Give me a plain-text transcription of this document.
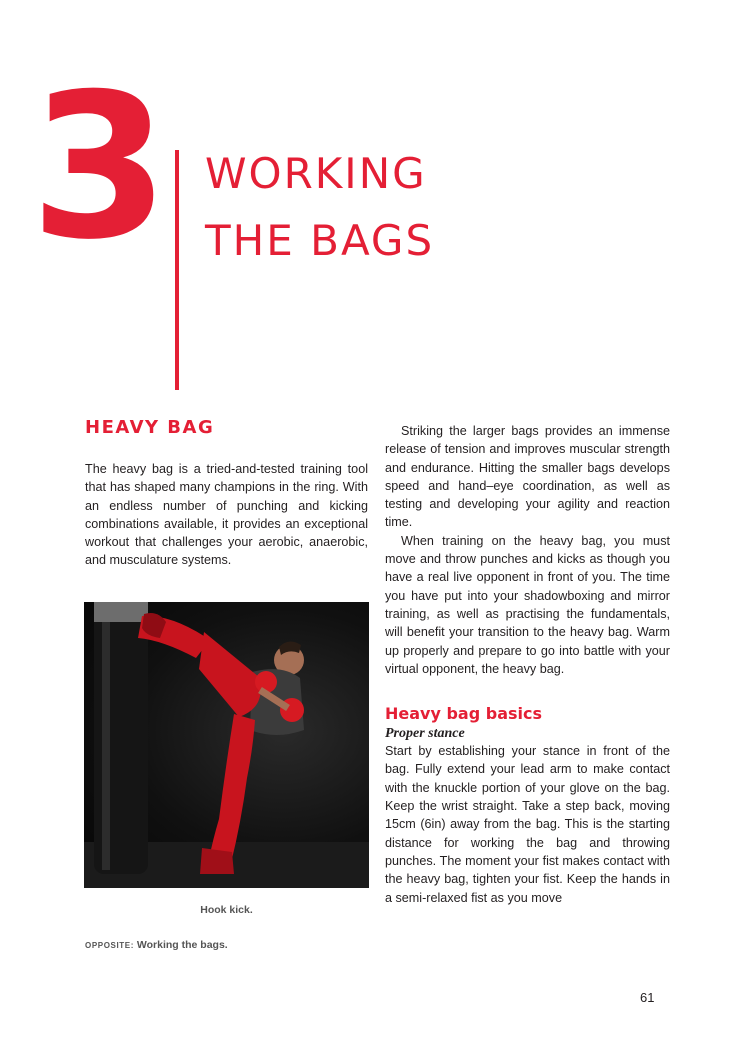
3 WORKING
THE BAGS
HEAVY BAG

The heavy bag is a tried-and-tested training tool that has shaped many champions in the ring. With an endless number of punching and kicking combinations available, it provides an exceptional workout that challenges your aerobic, anaerobic, and musculature systems.

Striking the larger bags provides an immense release of tension and improves muscular strength and endurance. Hitting the smaller bags develops speed and hand–eye coordination, as well as testing and developing your agility and reaction time.

When training on the heavy bag, you must move and throw punches and kicks as though you have a real live opponent in front of you. The time you have put into your shadowboxing and mirror training, as well as practising the fundamentals, will benefit your transition to the heavy bag. Warm up properly and prepare to go into battle with your virtual opponent, the heavy bag.

Heavy bag basics
Proper stance

Start by establishing your stance in front of the bag. Fully extend your lead arm to make contact with the knuckle portion of your glove on the bag. Keep the wrist straight. Take a step back, moving 15cm (6in) away from the bag. This is the starting distance for working the bag and throwing punches. The moment your fist makes contact with the heavy bag, tighten your fist. Keep the hands in a semi-relaxed fist as you move

Hook kick.
OPPOSITE: Working the bags.
61
